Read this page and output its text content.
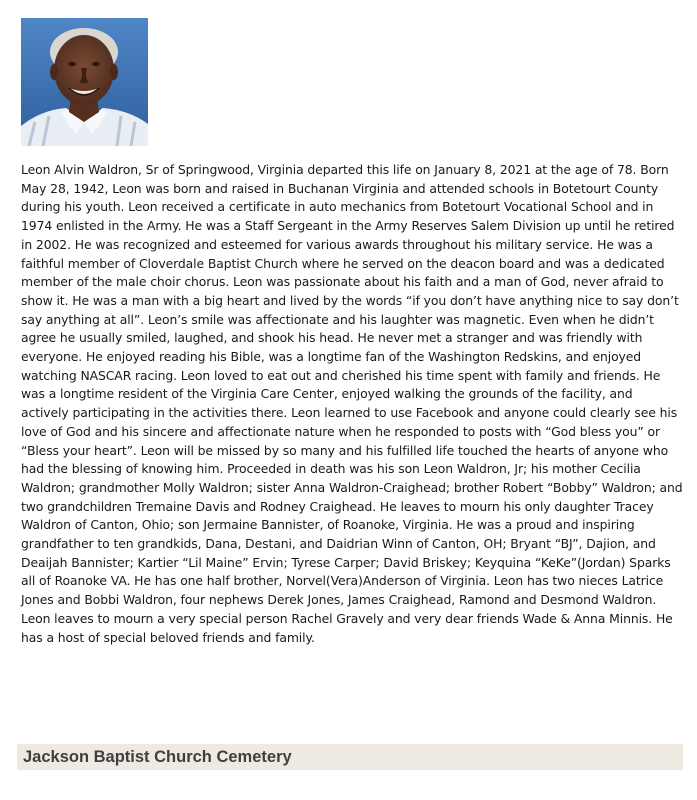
Leon Alvin Waldron, Sr of Springwood, Virginia departed this life on January 8, 2021 at the age of 78. Born May 28, 1942, Leon was born and raised in Buchanan Virginia and attended schools in Botetourt County during his youth. Leon received a certificate in auto mechanics from Botetourt Vocational School and in 1974 enlisted in the Army. He was a Staff Sergeant in the Army Reserves Salem Division up until he retired in 2002. He was recognized and esteemed for various awards throughout his military service. He was a faithful member of Cloverdale Baptist Church where he served on the deacon board and was a dedicated member of the male choir chorus. Leon was passionate about his faith and a man of God, never afraid to show it. He was a man with a big heart and lived by the words “if you don’t have anything nice to say don’t say anything at all”. Leon’s smile was affectionate and his laughter was magnetic. Even when he didn’t agree he usually smiled, laughed, and shook his head. He never met a stranger and was friendly with everyone. He enjoyed reading his Bible, was a longtime fan of the Washington Redskins, and enjoyed watching NASCAR racing. Leon loved to eat out and cherished his time spent with family and friends. He was a longtime resident of the Virginia Care Center, enjoyed walking the grounds of the facility, and actively participating in the activities there. Leon learned to use Facebook and anyone could clearly see his love of God and his sincere and affectionate nature when he responded to posts with “God bless you” or “Bless your heart”. Leon will be missed by so many and his fulfilled life touched the hearts of anyone who had the blessing of knowing him. Proceeded in death was his son Leon Waldron, Jr; his mother Cecilia Waldron; grandmother Molly Waldron; sister Anna Waldron-Craighead; brother Robert “Bobby” Waldron; and two grandchildren Tremaine Davis and Rodney Craighead. He leaves to mourn his only daughter Tracey Waldron of Canton, Ohio; son Jermaine Bannister, of Roanoke, Virginia. He was a proud and inspiring grandfather to ten grandkids, Dana, Destani, and Daidrian Winn of Canton, OH; Bryant “BJ”, Dajion, and Deaijah Bannister; Kartier “Lil Maine” Ervin; Tyrese Carper; David Briskey; Keyquina “KeKe”(Jordan) Sparks all of Roanoke VA. He has one half brother, Norvel(Vera)Anderson of Virginia. Leon has two nieces Latrice Jones and Bobbi Waldron, four nephews Derek Jones, James Craighead, Ramond and Desmond Waldron. Leon leaves to mourn a very special person Rachel Gravely and very dear friends Wade & Anna Minnis. He has a host of special beloved friends and family.

Jackson Baptist Church Cemetery
